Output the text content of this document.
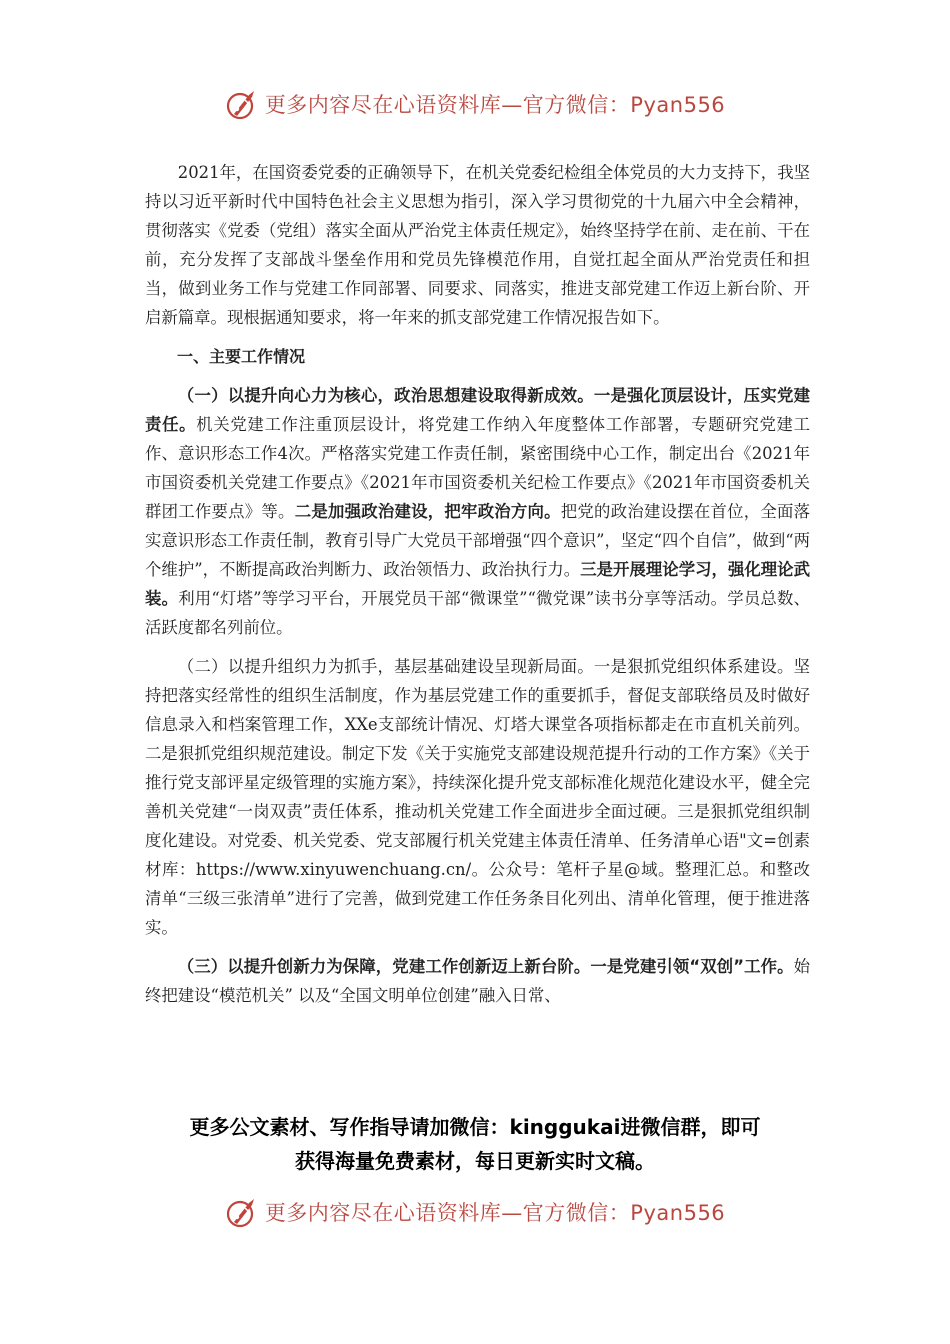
更多内容尽在心语资料库—官方微信：Pyan556

2021年，在国资委党委的正确领导下，在机关党委纪检组全体党员的大力支持下，我坚持以习近平新时代中国特色社会主义思想为指引，深入学习贯彻党的十九届六中全会精神，贯彻落实《党委（党组）落实全面从严治党主体责任规定》，始终坚持学在前、走在前、干在前，充分发挥了支部战斗堡垒作用和党员先锋模范作用，自觉扛起全面从严治党责任和担当，做到业务工作与党建工作同部署、同要求、同落实，推进支部党建工作迈上新台阶、开启新篇章。现根据通知要求，将一年来的抓支部党建工作情况报告如下。

一、主要工作情况

（一）以提升向心力为核心，政治思想建设取得新成效。一是强化顶层设计，压实党建责任。机关党建工作注重顶层设计，将党建工作纳入年度整体工作部署，专题研究党建工作、意识形态工作4次。严格落实党建工作责任制，紧密围绕中心工作，制定出台《2021年市国资委机关党建工作要点》《2021年市国资委机关纪检工作要点》《2021年市国资委机关群团工作要点》等。二是加强政治建设，把牢政治方向。把党的政治建设摆在首位，全面落实意识形态工作责任制，教育引导广大党员干部增强“四个意识”，坚定“四个自信”，做到“两个维护”，不断提高政治判断力、政治领悟力、政治执行力。三是开展理论学习，强化理论武装。利用“灯塔”等学习平台，开展党员干部“微课堂”“微党课”读书分享等活动。学员总数、活跃度都名列前位。

（二）以提升组织力为抓手，基层基础建设呈现新局面。一是狠抓党组织体系建设。坚持把落实经常性的组织生活制度，作为基层党建工作的重要抓手，督促支部联络员及时做好信息录入和档案管理工作，XXe支部统计情况、灯塔大课堂各项指标都走在市直机关前列。二是狠抓党组织规范建设。制定下发《关于实施党支部建设规范提升行动的工作方案》《关于推行党支部评星定级管理的实施方案》，持续深化提升党支部标准化规范化建设水平，健全完善机关党建“一岗双责”责任体系，推动机关党建工作全面进步全面过硬。三是狠抓党组织制度化建设。对党委、机关党委、党支部履行机关党建主体责任清单、任务清单心语"文=创素材库：https://www.xinyuwenchuang.cn/。公众号：笔杆子星@域。整理汇总。和整改清单“三级三张清单”进行了完善，做到党建工作任务条目化列出、清单化管理，便于推进落实。

（三）以提升创新力为保障，党建工作创新迈上新台阶。一是党建引领“双创”工作。始终把建设“模范机关” 以及“全国文明单位创建”融入日常、

更多公文素材、写作指导请加微信：kinggukai进微信群，即可

获得海量免费素材，每日更新实时文稿。

更多内容尽在心语资料库—官方微信：Pyan556
